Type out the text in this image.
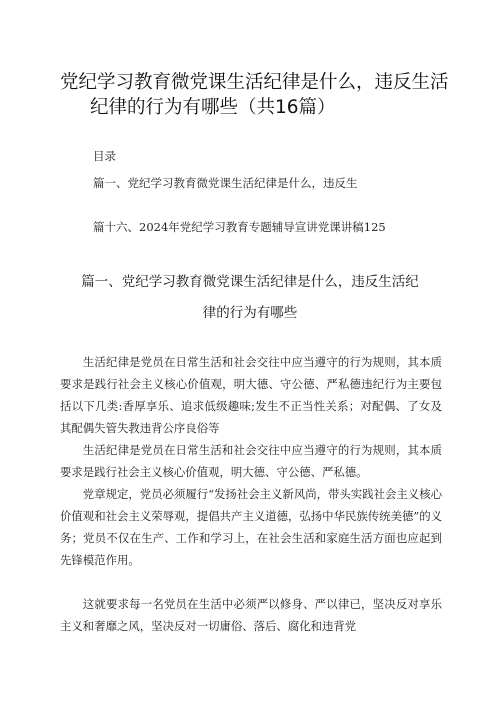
党纪学习教育微党课生活纪律是什么，违反生活
纪律的行为有哪些（共16篇）

目录

篇一、党纪学习教育微党课生活纪律是什么，违反生

篇十六、2024年党纪学习教育专题辅导宣讲党课讲稿125

篇一、党纪学习教育微党课生活纪律是什么，违反生活纪
律的行为有哪些

生活纪律是党员在日常生活和社会交往中应当遵守的行为规则，其本质要求是践行社会主义核心价值观，明大德、守公德、严私德违纪行为主要包括以下几类:香厚享乐、追求低级趣味;发生不正当性关系；对配偶、了女及其配偶失管失教违背公序良俗等

生活纪律是党员在日常生活和社会交往中应当遵守的行为规则，其本质要求是践行社会主义核心价值观，明大德、守公德、严私德。

党章规定，党员必须履行“发扬社会主义新风尚，带头实践社会主义核心价值观和社会主义荣辱观，提倡共产主义道德，弘扬中华民族传统美德”的义务；党员不仅在生产、工作和学习上，在社会生活和家庭生活方面也应起到先锋模范作用。

这就要求每一名党员在生活中必须严以修身、严以律已，坚决反对享乐主义和奢靡之风，坚决反对一切庸俗、落后、腐化和违背党
